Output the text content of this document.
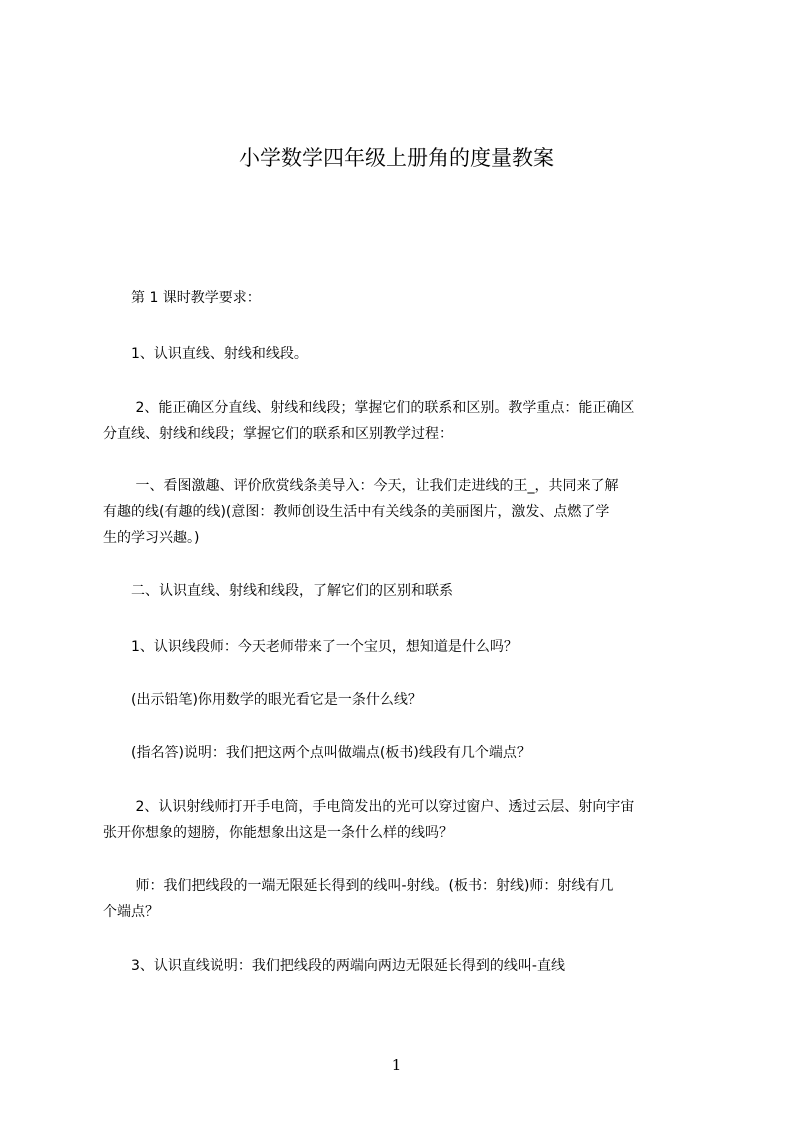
小学数学四年级上册角的度量教案
　　第 1 课时教学要求：
　　1、认识直线、射线和线段。
　　 2、能正确区分直线、射线和线段；掌握它们的联系和区别。教学重点：能正确区
分直线、射线和线段；掌握它们的联系和区别教学过程：
　　 一、看图激趣、评价欣赏线条美导入：今天，让我们走进线的王_，共同来了解
有趣的线(有趣的线)(意图：教师创设生活中有关线条的美丽图片，激发、点燃了学
生的学习兴趣。)
　　二、认识直线、射线和线段，了解它们的区别和联系
　　1、认识线段师：今天老师带来了一个宝贝，想知道是什么吗？
　　(出示铅笔)你用数学的眼光看它是一条什么线？
　　(指名答)说明：我们把这两个点叫做端点(板书)线段有几个端点？
　　 2、认识射线师打开手电筒，手电筒发出的光可以穿过窗户、透过云层、射向宇宙
张开你想象的翅膀，你能想象出这是一条什么样的线吗？
　　 师：我们把线段的一端无限延长得到的线叫-射线。(板书：射线)师：射线有几
个端点？
　　3、认识直线说明：我们把线段的两端向两边无限延长得到的线叫-直线
1
